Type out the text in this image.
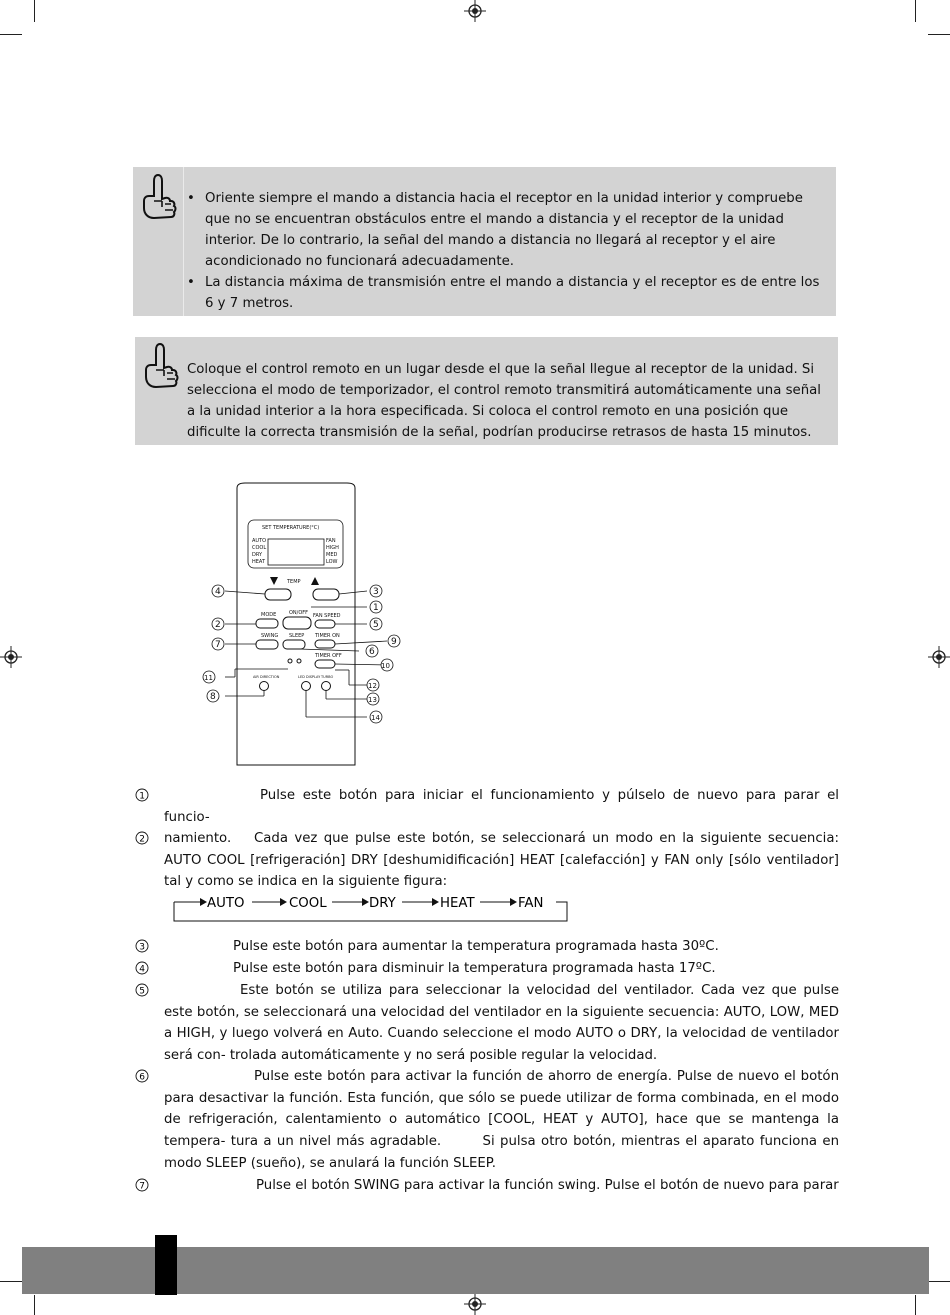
• Oriente siempre el mando a distancia hacia el receptor en la unidad interior y compruebe que no se encuentran obstáculos entre el mando a distancia y el receptor de la unidad interior. De lo contrario, la señal del mando a distancia no llegará al receptor y el aire acondicionado no funcionará adecuadamente.
• La distancia máxima de transmisión entre el mando a distancia y el receptor es de entre los 6 y 7 metros.
Coloque el control remoto en un lugar desde el que la señal llegue al receptor de la unidad. Si selecciona el modo de temporizador, el control remoto transmitirá automáticamente una señal a la unidad interior a la hora especificada. Si coloca el control remoto en una posición que dificulte la correcta transmisión de la señal, podrían producirse retrasos de hasta 15 minutos.
SET TEMPERATURE(°C)
AUTO
COOL
DRY
HEAT
FAN
HIGH
MED
LOW
TEMP
MODE	ON/OFF FAN SPEED
SWING SLEEP TIMER ON
TIMER OFF
AIR DIRECTION	LED DISPLAY TURBO
4	3
1
2	5
7	9
6
10
11
12
8	13
14
1	Pulse este botón para iniciar el funcionamiento y púlselo de nuevo para parar el funcio-
namiento.
2	Cada vez que pulse este botón, se seleccionará un modo en la siguiente secuencia: AUTO COOL [refrigeración] DRY [deshumidificación] HEAT [calefacción] y FAN only [sólo ventilador] tal y como se indica en la siguiente figura:
AUTO	COOL	DRY	HEAT	FAN
3	Pulse este botón para aumentar la temperatura programada hasta 30ºC.
4	Pulse este botón para disminuir la temperatura programada hasta 17ºC.
5	Este botón se utiliza para seleccionar la velocidad del ventilador. Cada vez que pulse este botón, se seleccionará una velocidad del ventilador en la siguiente secuencia: AUTO, LOW, MED a HIGH, y luego volverá en Auto. Cuando seleccione el modo AUTO o DRY, la velocidad de ventilador será con- trolada automáticamente y no será posible regular la velocidad.
6	Pulse este botón para activar la función de ahorro de energía. Pulse de nuevo el botón para desactivar la función. Esta función, que sólo se puede utilizar de forma combinada, en el modo de refrigeración, calentamiento o automático [COOL, HEAT y AUTO], hace que se mantenga la tempera- tura a un nivel más agradable.	Si pulsa otro botón, mientras el aparato funciona en modo SLEEP (sueño), se anulará la función SLEEP.
7	Pulse el botón SWING para activar la función swing. Pulse el botón de nuevo para parar
